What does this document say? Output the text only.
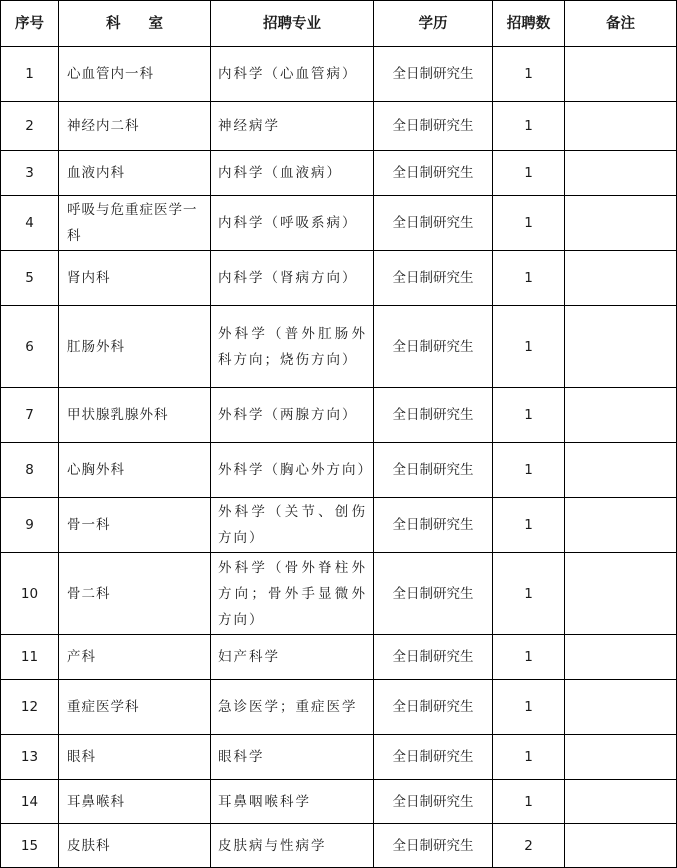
序号	科室	招聘专业	学历	招聘数	备注
1	心血管内一科	内科学（心血管病）	全日制研究生	1	
2	神经内二科	神经病学	全日制研究生	1	
3	血液内科	内科学（血液病）	全日制研究生	1	
4	呼吸与危重症医学一科	内科学（呼吸系病）	全日制研究生	1	
5	肾内科	内科学（肾病方向）	全日制研究生	1	
6	肛肠外科	外科学（普外肛肠外科方向；烧伤方向）	全日制研究生	1	
7	甲状腺乳腺外科	外科学（两腺方向）	全日制研究生	1	
8	心胸外科	外科学（胸心外方向）	全日制研究生	1	
9	骨一科	外科学（关节、创伤方向）	全日制研究生	1	
10	骨二科	外科学（骨外脊柱外方向；骨外手显微外方向）	全日制研究生	1	
11	产科	妇产科学	全日制研究生	1	
12	重症医学科	急诊医学；重症医学	全日制研究生	1	
13	眼科	眼科学	全日制研究生	1	
14	耳鼻喉科	耳鼻咽喉科学	全日制研究生	1	
15	皮肤科	皮肤病与性病学	全日制研究生	2	
